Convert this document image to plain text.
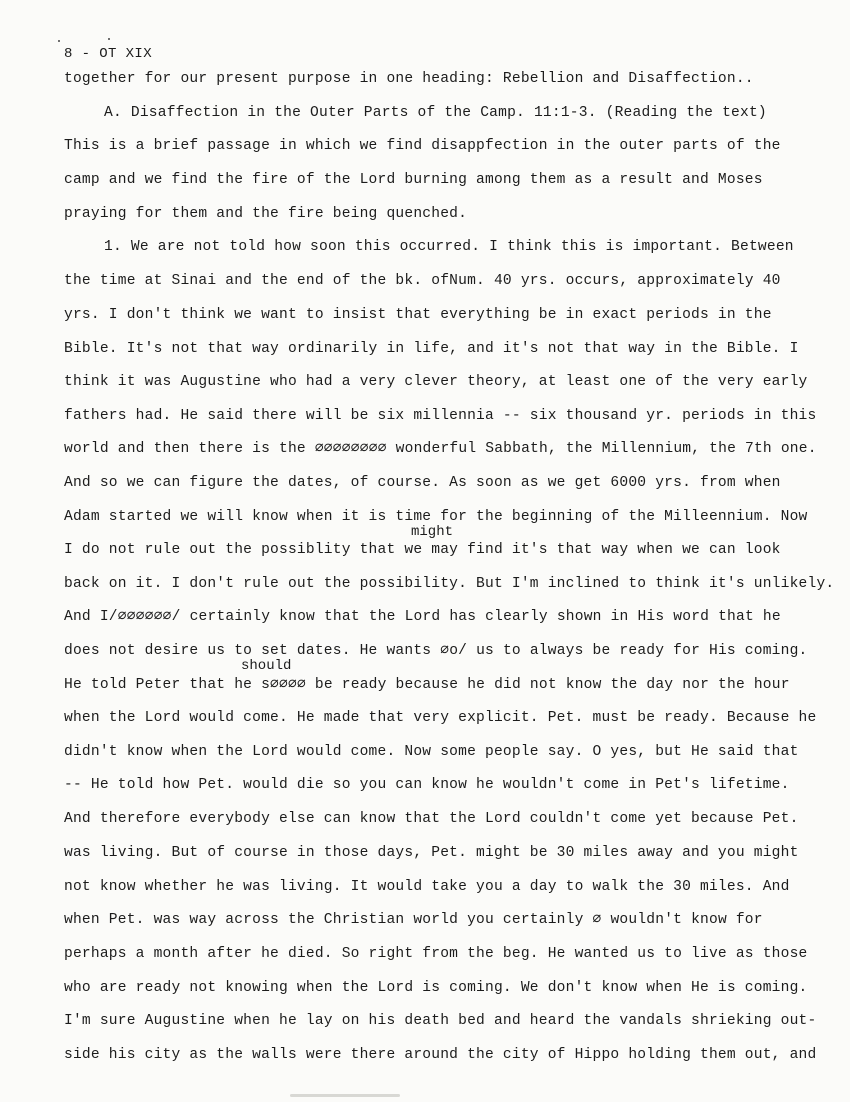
8 - OT XIX
together for our present purpose in one heading: Rebellion and Disaffection..
A. Disaffection in the Outer Parts of the Camp. 11:1-3. (Reading the text)
This is a brief passage in which we find disappfection in the outer parts of the
camp and we find the fire of the Lord burning among them as a result and Moses
praying for them and the fire being quenched.
1. We are not told how soon this occurred. I think this is important. Between
the time at Sinai and the end of the bk. ofNum. 40 yrs. occurs, approximately 40
yrs. I don't think we want to insist that everything be in exact periods in the
Bible. It's not that way ordinarily in life, and it's not that way in the Bible. I
think it was Augustine who had a very clever theory, at least one of the very early
fathers had. He said there will be six millennia -- six thousand yr. periods in this
world and then there is the ∅∅∅∅∅∅∅∅ wonderful Sabbath, the Millennium, the 7th one.
And so we can figure the dates, of course. As soon as we get 6000 yrs. from when
Adam started we will know when it is time for the beginning of the Milleennium. Now
might
I do not rule out the possiblity that we may find it's that way when we can look
back on it. I don't rule out the possibility. But I'm inclined to think it's unlikely.
And I/∅∅∅∅∅∅/ certainly know that the Lord has clearly shown in His word that he
does not desire us to set dates. He wants ∅o/ us to always be ready for His coming.
should
He told Peter that he s∅∅∅∅ be ready because he did not know the day nor the hour
when the Lord would come. He made that very explicit. Pet. must be ready. Because he
didn't know when the Lord would come. Now some people say. O yes, but He said that
-- He told how Pet. would die so you can know he wouldn't come in Pet's lifetime.
And therefore everybody else can know that the Lord couldn't come yet because Pet.
was living. But of course in those days, Pet. might be 30 miles away and you might
not know whether he was living. It would take you a day to walk the 30 miles. And
when Pet. was way across the Christian world you certainly ∅ wouldn't know for
perhaps a month after he died. So right from the beg. He wanted us to live as those
who are ready not knowing when the Lord is coming. We don't know when He is coming.
I'm sure Augustine when he lay on his death bed and heard the vandals shrieking out-
side his city as the walls were there around the city of Hippo holding them out, and
